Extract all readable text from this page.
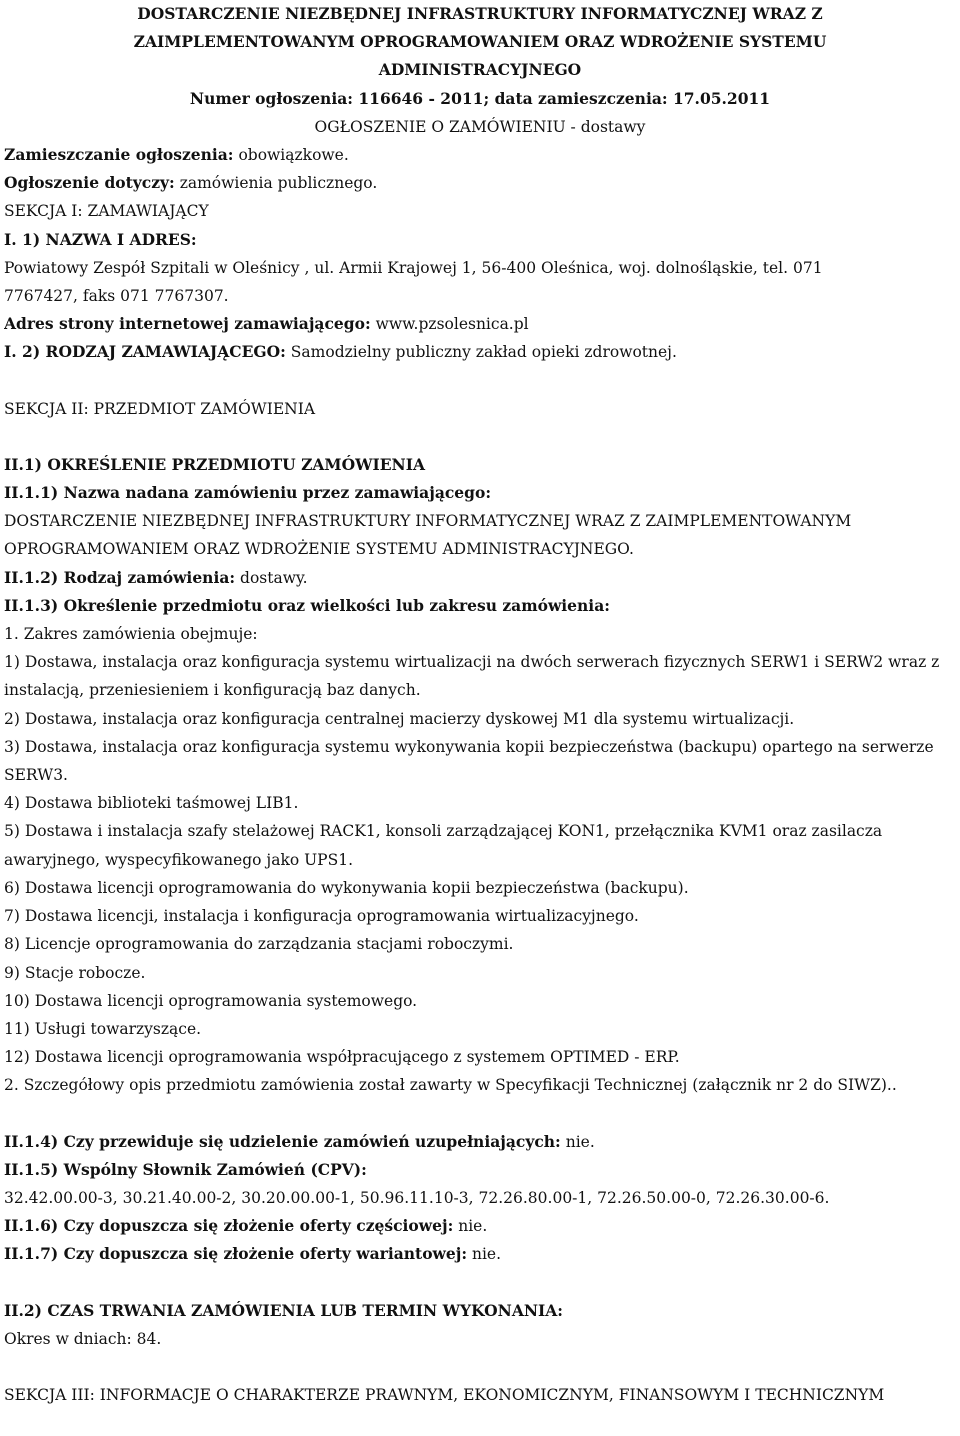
DOSTARCZENIE NIEZBĘDNEJ INFRASTRUKTURY INFORMATYCZNEJ WRAZ Z
ZAIMPLEMENTOWANYM OPROGRAMOWANIEM ORAZ WDROŻENIE SYSTEMU
ADMINISTRACYJNEGO
Numer ogłoszenia: 116646 - 2011; data zamieszczenia: 17.05.2011
OGŁOSZENIE O ZAMÓWIENIU - dostawy
Zamieszczanie ogłoszenia: obowiązkowe.
Ogłoszenie dotyczy: zamówienia publicznego.
SEKCJA I: ZAMAWIAJĄCY
I. 1) NAZWA I ADRES:
Powiatowy Zespół Szpitali w Oleśnicy , ul. Armii Krajowej 1, 56-400 Oleśnica, woj. dolnośląskie, tel. 071
7767427, faks 071 7767307.
Adres strony internetowej zamawiającego: www.pzsolesnica.pl
I. 2) RODZAJ ZAMAWIAJĄCEGO: Samodzielny publiczny zakład opieki zdrowotnej.
SEKCJA II: PRZEDMIOT ZAMÓWIENIA
II.1) OKREŚLENIE PRZEDMIOTU ZAMÓWIENIA
II.1.1) Nazwa nadana zamówieniu przez zamawiającego:
DOSTARCZENIE NIEZBĘDNEJ INFRASTRUKTURY INFORMATYCZNEJ WRAZ Z ZAIMPLEMENTOWANYM
OPROGRAMOWANIEM ORAZ WDROŻENIE SYSTEMU ADMINISTRACYJNEGO.
II.1.2) Rodzaj zamówienia: dostawy.
II.1.3) Określenie przedmiotu oraz wielkości lub zakresu zamówienia:
1. Zakres zamówienia obejmuje:
1) Dostawa, instalacja oraz konfiguracja systemu wirtualizacji na dwóch serwerach fizycznych SERW1 i SERW2 wraz z instalacją, przeniesieniem i konfiguracją baz danych.
2) Dostawa, instalacja oraz konfiguracja centralnej macierzy dyskowej M1 dla systemu wirtualizacji.
3) Dostawa, instalacja oraz konfiguracja systemu wykonywania kopii bezpieczeństwa (backupu) opartego na serwerze SERW3.
4) Dostawa biblioteki taśmowej LIB1.
5) Dostawa i instalacja szafy stelażowej RACK1, konsoli zarządzającej KON1, przełącznika KVM1 oraz zasilacza awaryjnego, wyspecyfikowanego jako UPS1.
6) Dostawa licencji oprogramowania do wykonywania kopii bezpieczeństwa (backupu).
7) Dostawa licencji, instalacja i konfiguracja oprogramowania wirtualizacyjnego.
8) Licencje oprogramowania do zarządzania stacjami roboczymi.
9) Stacje robocze.
10) Dostawa licencji oprogramowania systemowego.
11) Usługi towarzyszące.
12) Dostawa licencji oprogramowania współpracującego z systemem OPTIMED - ERP.
2. Szczegółowy opis przedmiotu zamówienia został zawarty w Specyfikacji Technicznej (załącznik nr 2 do SIWZ)..
II.1.4) Czy przewiduje się udzielenie zamówień uzupełniających: nie.
II.1.5) Wspólny Słownik Zamówień (CPV):
32.42.00.00-3, 30.21.40.00-2, 30.20.00.00-1, 50.96.11.10-3, 72.26.80.00-1, 72.26.50.00-0, 72.26.30.00-6.
II.1.6) Czy dopuszcza się złożenie oferty częściowej: nie.
II.1.7) Czy dopuszcza się złożenie oferty wariantowej: nie.
II.2) CZAS TRWANIA ZAMÓWIENIA LUB TERMIN WYKONANIA:
Okres w dniach: 84.
SEKCJA III: INFORMACJE O CHARAKTERZE PRAWNYM, EKONOMICZNYM, FINANSOWYM I TECHNICZNYM
